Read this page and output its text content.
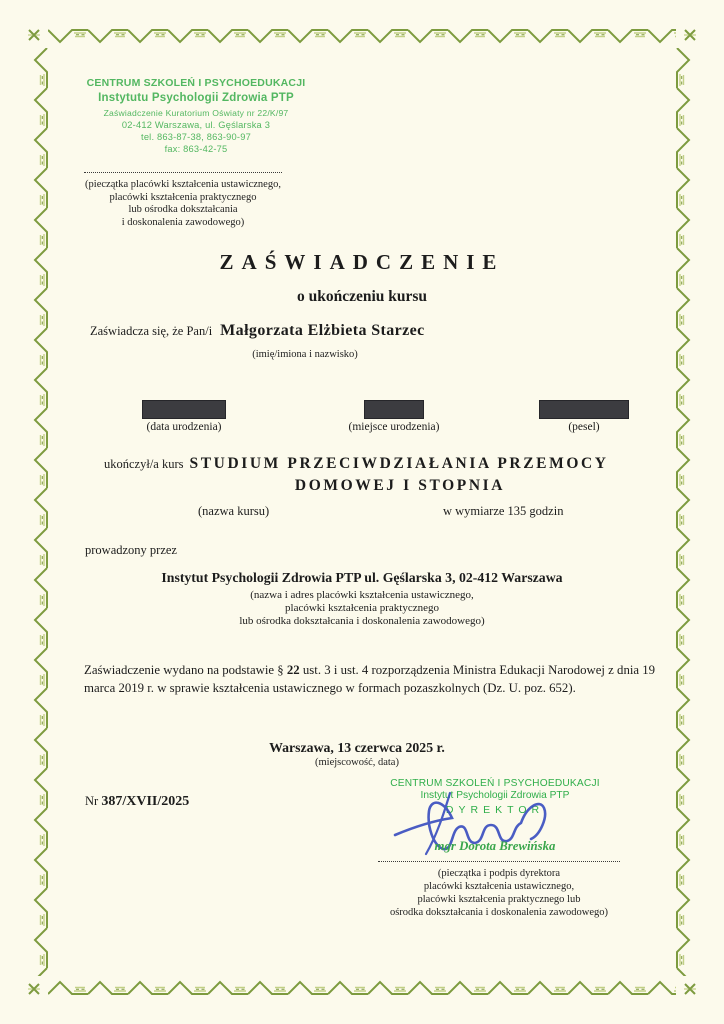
CENTRUM SZKOLEŃ I PSYCHOEDUKACJI
Instytutu Psychologii Zdrowia PTP
Zaświadczenie Kuratorium Oświaty nr 22/K/97
02-412 Warszawa, ul. Gęślarska 3
tel. 863-87-38, 863-90-97
fax: 863-42-75
(pieczątka placówki kształcenia ustawicznego,
placówki kształcenia praktycznego
lub ośrodka dokształcania
i doskonalenia zawodowego)
ZAŚWIADCZENIE
o ukończeniu kursu
Zaświadcza się, że Pan/i Małgorzata Elżbieta Starzec
(imię/imiona i nazwisko)
(data urodzenia)	(miejsce urodzenia)	(pesel)
ukończył/a kurs STUDIUM PRZECIWDZIAŁANIA PRZEMOCY
DOMOWEJ I STOPNIA
(nazwa kursu)	w wymiarze 135 godzin
prowadzony przez
Instytut Psychologii Zdrowia PTP ul. Gęślarska 3, 02-412 Warszawa
(nazwa i adres placówki kształcenia ustawicznego,
placówki kształcenia praktycznego
lub ośrodka dokształcania i doskonalenia zawodowego)
Zaświadczenie wydano na podstawie § 22 ust. 3 i ust. 4 rozporządzenia Ministra Edukacji Narodowej z dnia 19 marca 2019 r. w sprawie kształcenia ustawicznego w formach pozaszkolnych (Dz. U. poz. 652).
Warszawa, 13 czerwca 2025 r.
(miejscowość, data)
Nr 387/XVII/2025
CENTRUM SZKOLEŃ I PSYCHOEDUKACJI
Instytut Psychologii Zdrowia PTP
DYREKTOR
mgr Dorota Brewińska
(pieczątka i podpis dyrektora
placówki kształcenia ustawicznego,
placówki kształcenia praktycznego lub
ośrodka dokształcania i doskonalenia zawodowego)
